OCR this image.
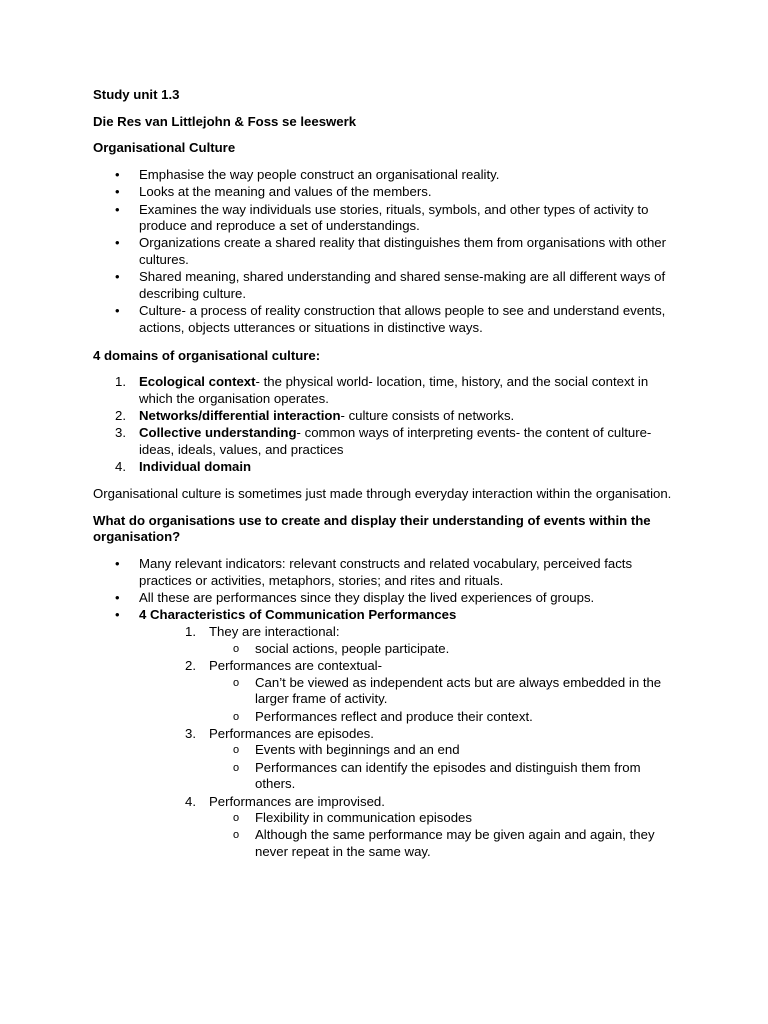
Study unit 1.3

Die Res van Littlejohn & Foss se leeswerk

Organisational Culture

• Emphasise the way people construct an organisational reality.
• Looks at the meaning and values of the members.
• Examines the way individuals use stories, rituals, symbols, and other types of activity to produce and reproduce a set of understandings.
• Organizations create a shared reality that distinguishes them from organisations with other cultures.
• Shared meaning, shared understanding and shared sense-making are all different ways of describing culture.
• Culture- a process of reality construction that allows people to see and understand events, actions, objects utterances or situations in distinctive ways.

4 domains of organisational culture:

1. Ecological context- the physical world- location, time, history, and the social context in which the organisation operates.
2. Networks/differential interaction- culture consists of networks.
3. Collective understanding- common ways of interpreting events- the content of culture-ideas, ideals, values, and practices
4. Individual domain

Organisational culture is sometimes just made through everyday interaction within the organisation.

What do organisations use to create and display their understanding of events within the organisation?

• Many relevant indicators: relevant constructs and related vocabulary, perceived facts practices or activities, metaphors, stories; and rites and rituals.
• All these are performances since they display the lived experiences of groups.
• 4 Characteristics of Communication Performances
1. They are interactional:
o social actions, people participate.
2. Performances are contextual-
o Can’t be viewed as independent acts but are always embedded in the larger frame of activity.
o Performances reflect and produce their context.
3. Performances are episodes.
o Events with beginnings and an end
o Performances can identify the episodes and distinguish them from others.
4. Performances are improvised.
o Flexibility in communication episodes
o Although the same performance may be given again and again, they never repeat in the same way.
